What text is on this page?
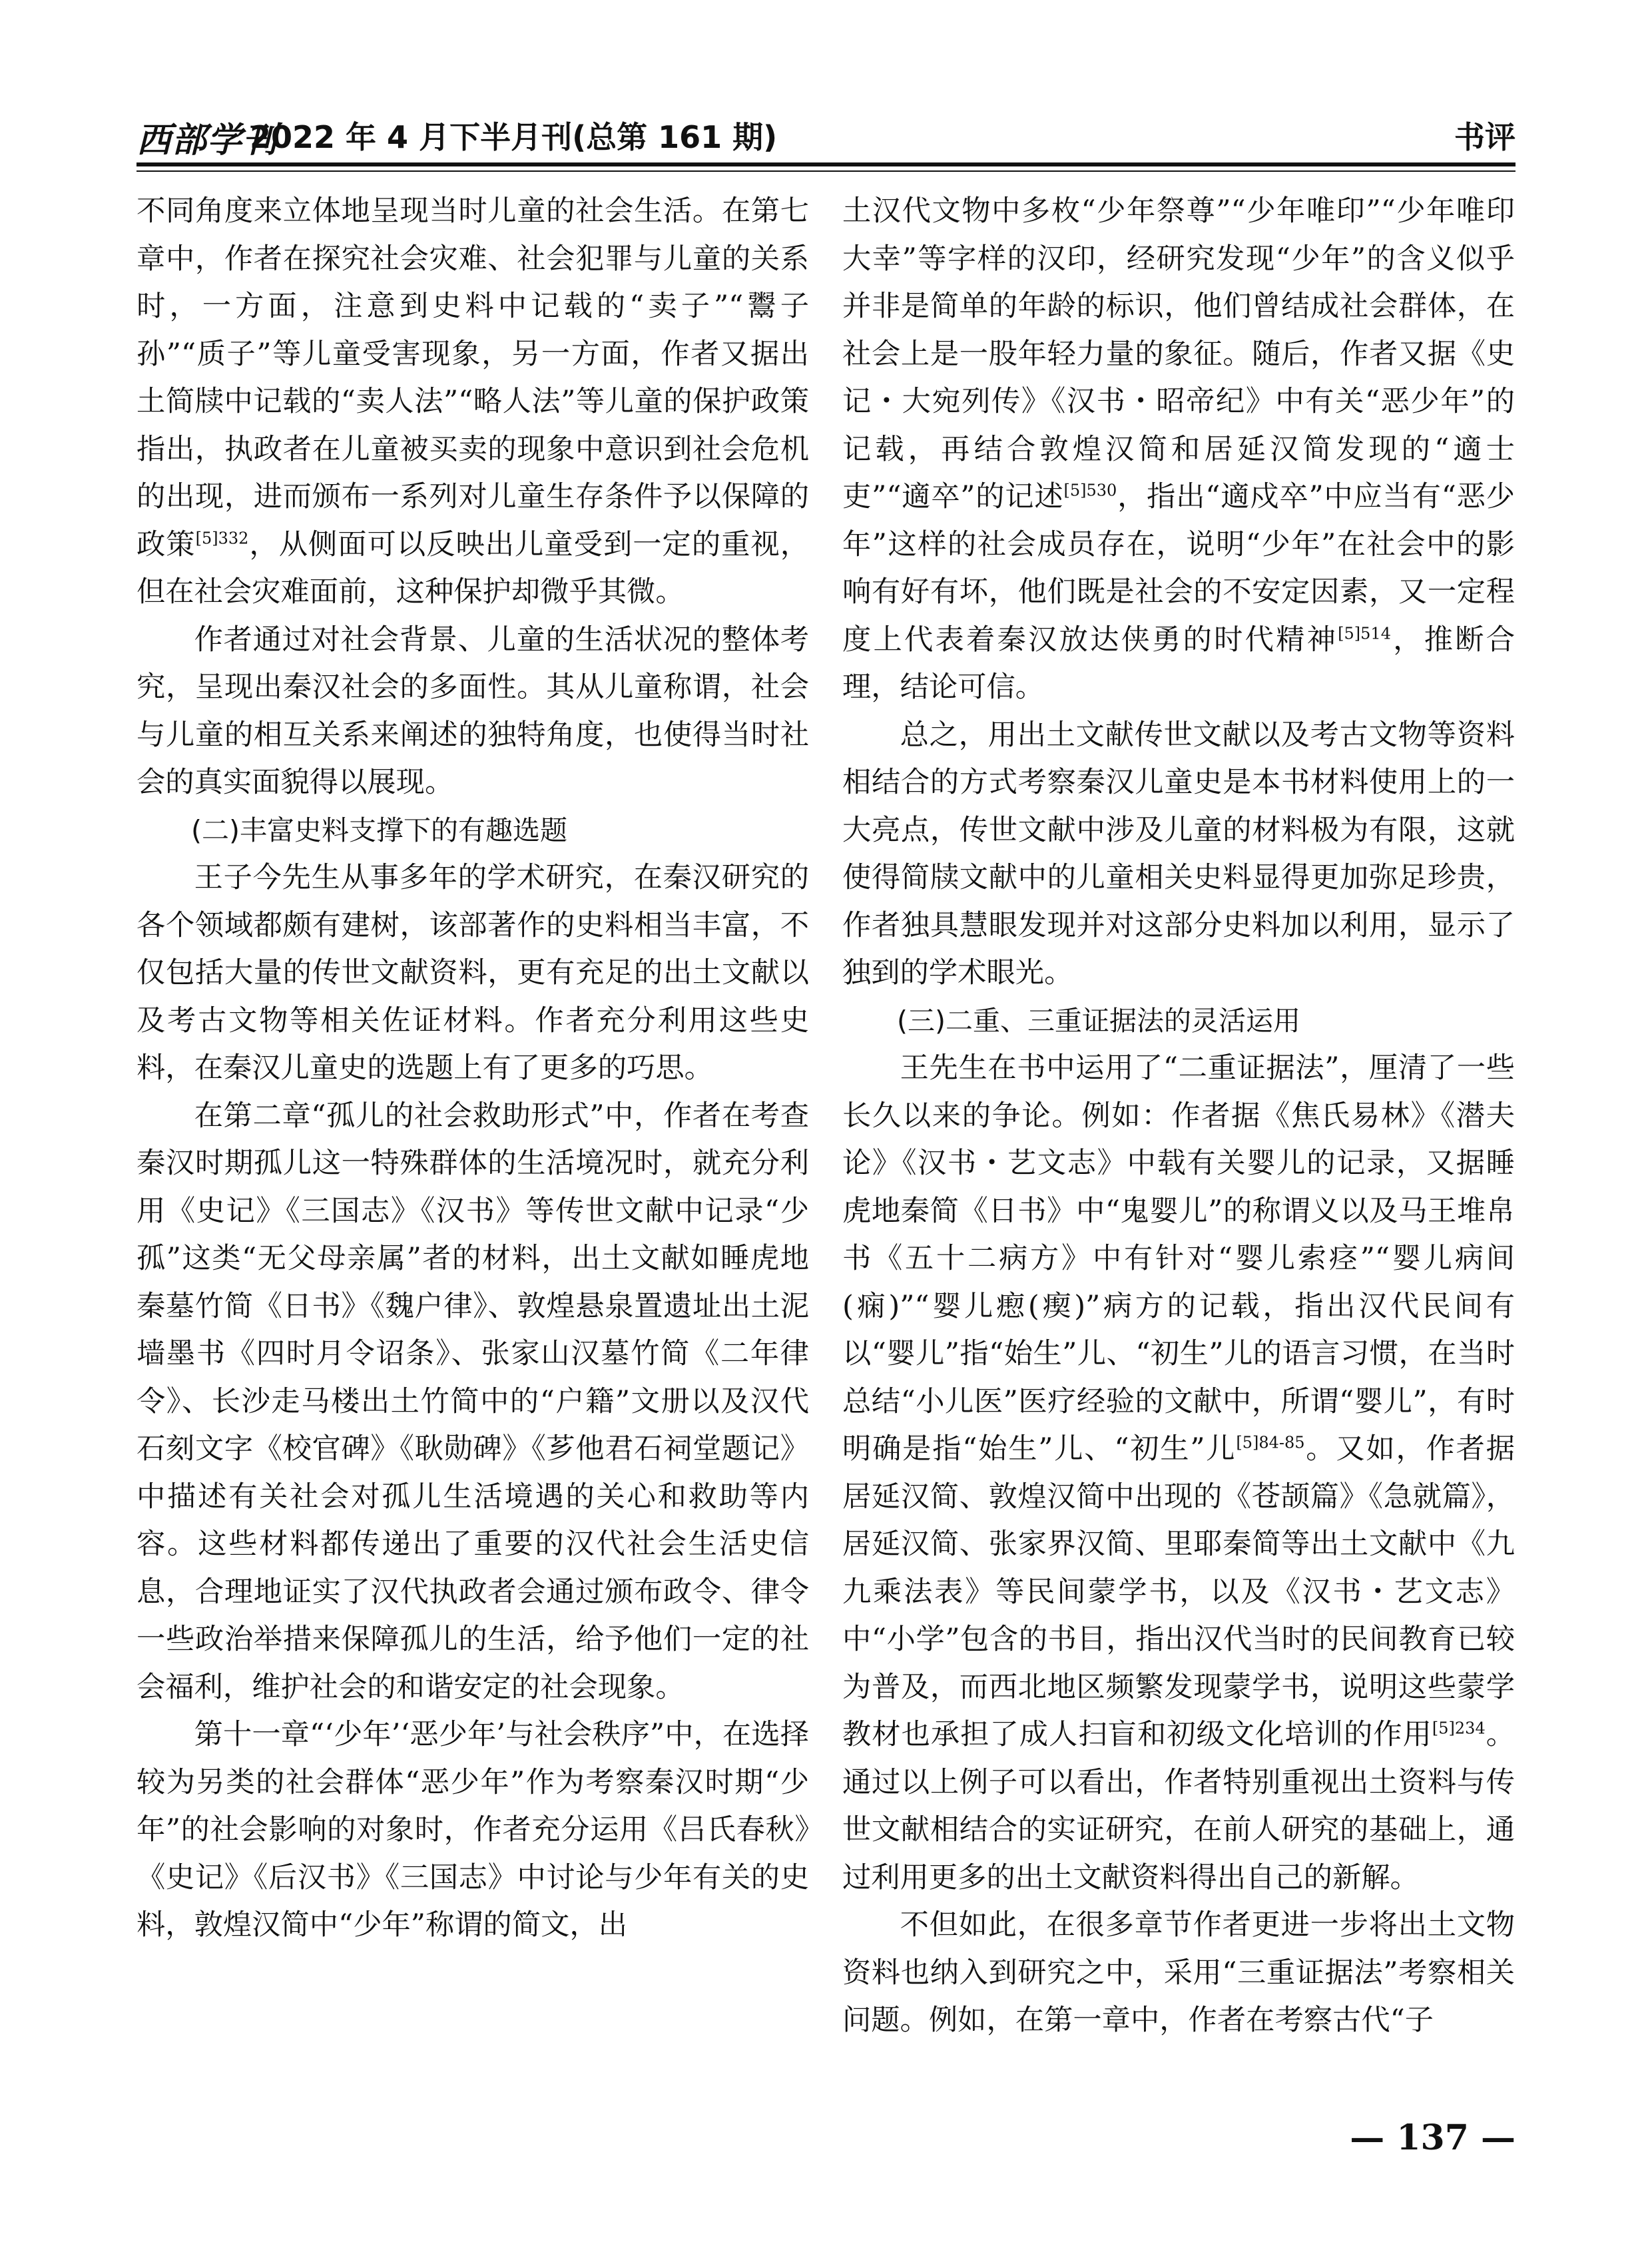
西部学刊
2022 年 4 月下半月刊(总第 161 期)	书评

不同角度来立体地呈现当时儿童的社会生活。在第七章中，作者在探究社会灾难、社会犯罪与儿童的关系时，一方面，注意到史料中记载的“卖子”“鬻子孙”“质子”等儿童受害现象，另一方面，作者又据出土简牍中记载的“卖人法”“略人法”等儿童的保护政策指出，执政者在儿童被买卖的现象中意识到社会危机的出现，进而颁布一系列对儿童生存条件予以保障的政策$^{[5]332}$，从侧面可以反映出儿童受到一定的重视，但在社会灾难面前，这种保护却微乎其微。

作者通过对社会背景、儿童的生活状况的整体考究，呈现出秦汉社会的多面性。其从儿童称谓，社会与儿童的相互关系来阐述的独特角度，也使得当时社会的真实面貌得以展现。

(二)丰富史料支撑下的有趣选题

王子今先生从事多年的学术研究，在秦汉研究的各个领域都颇有建树，该部著作的史料相当丰富，不仅包括大量的传世文献资料，更有充足的出土文献以及考古文物等相关佐证材料。作者充分利用这些史料，在秦汉儿童史的选题上有了更多的巧思。

在第二章“孤儿的社会救助形式”中，作者在考查秦汉时期孤儿这一特殊群体的生活境况时，就充分利用《史记》《三国志》《汉书》等传世文献中记录“少孤”这类“无父母亲属”者的材料，出土文献如睡虎地秦墓竹简《日书》《魏户律》、敦煌悬泉置遗址出土泥墙墨书《四时月令诏条》、张家山汉墓竹简《二年律令》、长沙走马楼出土竹简中的“户籍”文册以及汉代石刻文字《校官碑》《耿勋碑》《芗他君石祠堂题记》中描述有关社会对孤儿生活境遇的关心和救助等内容。这些材料都传递出了重要的汉代社会生活史信息，合理地证实了汉代执政者会通过颁布政令、律令一些政治举措来保障孤儿的生活，给予他们一定的社会福利，维护社会的和谐安定的社会现象。

第十一章“‘少年’‘恶少年’与社会秩序”中，在选择较为另类的社会群体“恶少年”作为考察秦汉时期“少年”的社会影响的对象时，作者充分运用《吕氏春秋》《史记》《后汉书》《三国志》中讨论与少年有关的史料，敦煌汉简中“少年”称谓的简文，出

土汉代文物中多枚“少年祭尊”“少年唯印”“少年唯印大幸”等字样的汉印，经研究发现“少年”的含义似乎并非是简单的年龄的标识，他们曾结成社会群体，在社会上是一股年轻力量的象征。随后，作者又据《史记・大宛列传》《汉书・昭帝纪》中有关“恶少年”的记载，再结合敦煌汉简和居延汉简发现的“適士吏”“適卒”的记述$^{[5]530}$，指出“適戍卒”中应当有“恶少年”这样的社会成员存在，说明“少年”在社会中的影响有好有坏，他们既是社会的不安定因素，又一定程度上代表着秦汉放达侠勇的时代精神$^{[5]514}$，推断合理，结论可信。

总之，用出土文献传世文献以及考古文物等资料相结合的方式考察秦汉儿童史是本书材料使用上的一大亮点，传世文献中涉及儿童的材料极为有限，这就使得简牍文献中的儿童相关史料显得更加弥足珍贵，作者独具慧眼发现并对这部分史料加以利用，显示了独到的学术眼光。

(三)二重、三重证据法的灵活运用

王先生在书中运用了“二重证据法”，厘清了一些长久以来的争论。例如：作者据《焦氏易林》《潜夫论》《汉书・艺文志》中载有关婴儿的记录，又据睡虎地秦简《日书》中“鬼婴儿”的称谓义以及马王堆帛书《五十二病方》中有针对“婴儿索痉”“婴儿病间(痫)”“婴儿瘛(瘈)”病方的记载，指出汉代民间有以“婴儿”指“始生”儿、“初生”儿的语言习惯，在当时总结“小儿医”医疗经验的文献中，所谓“婴儿”，有时明确是指“始生”儿、“初生”儿$^{[5]84-85}$。又如，作者据居延汉简、敦煌汉简中出现的《苍颉篇》《急就篇》，居延汉简、张家界汉简、里耶秦简等出土文献中《九九乘法表》等民间蒙学书，以及《汉书・艺文志》中“小学”包含的书目，指出汉代当时的民间教育已较为普及，而西北地区频繁发现蒙学书，说明这些蒙学教材也承担了成人扫盲和初级文化培训的作用$^{[5]234}$。通过以上例子可以看出，作者特别重视出土资料与传世文献相结合的实证研究，在前人研究的基础上，通过利用更多的出土文献资料得出自己的新解。

不但如此，在很多章节作者更进一步将出土文物资料也纳入到研究之中，采用“三重证据法”考察相关问题。例如，在第一章中，作者在考察古代“子

— 137 —
